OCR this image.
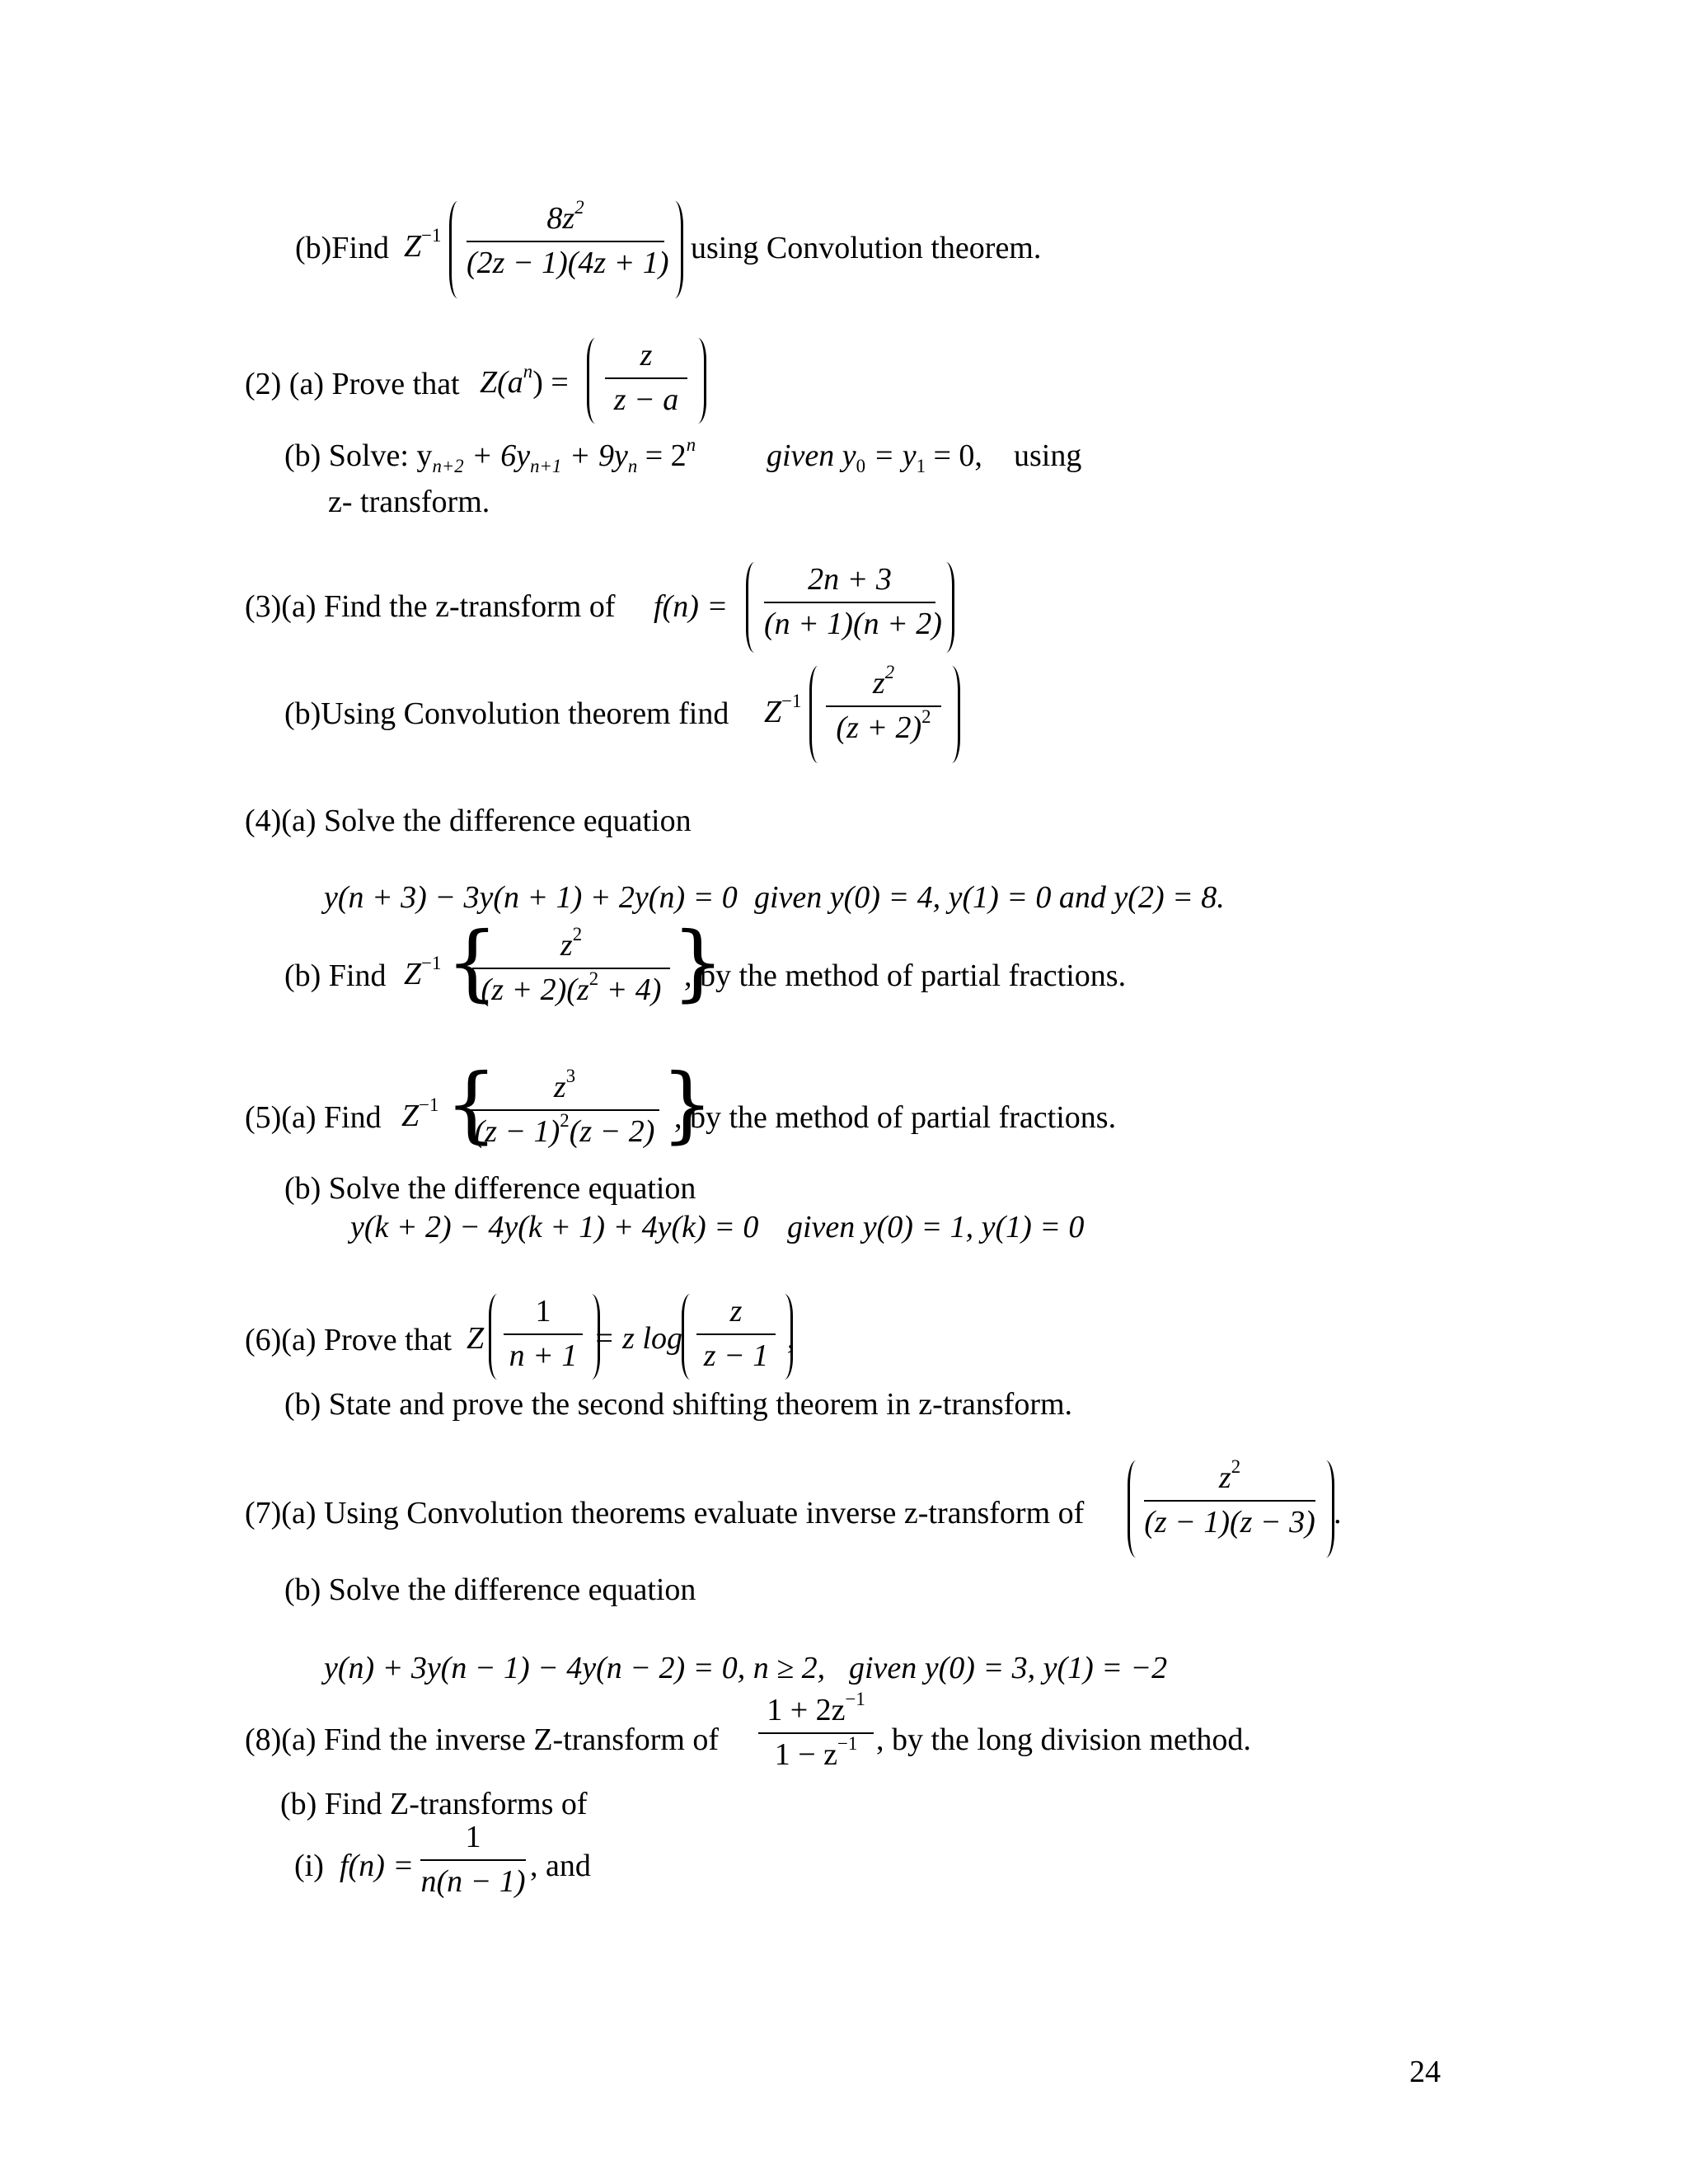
(b)Find $Z^{-1}$	$8z^2$
(2z − 1)(4z + 1) using Convolution theorem.
(2) (a) Prove that $Z(a^n)$ =
z
z − a
(b) Solve: $y_{n+2} + 6y_{n+1} + 9y_n = 2^n$ given $y_0 = y_1 = 0$, using
z- transform.
(3)(a) Find the z-transform of f(n) =
2n + 3
(n + 1)(n + 2)
(b)Using Convolution theorem find $Z^{-1}$
$z^2$
$(z + 2)^2$
(4)(a) Solve the difference equation
y(n + 3) − 3y(n + 1) + 2y(n) = 0 given y(0) = 4, y(1) = 0 and y(2) = 8.
(b) Find $Z^{-1}$ {	$z^2$
$(z + 2)(z^2 + 4)$ }
, by the method of partial fractions.
(5)(a) Find $Z^{-1}$ {	$z^3$
$(z - 1)^2(z - 2)$ }
, by the method of partial fractions.
(b) Solve the difference equation
y(k + 2) − 4y(k + 1) + 4y(k) = 0 given y(0) = 1, y(1) = 0
(6)(a) Prove that Z
1
n + 1 = z log
z
z − 1 ,
(b) State and prove the second shifting theorem in z-transform.
(7)(a) Using Convolution theorems evaluate inverse z-transform of
$z^2$
(z − 1)(z − 3) .
(b) Solve the difference equation
y(n) + 3y(n − 1) − 4y(n − 2) = 0, n ≥ 2, given y(0) = 3, y(1) = −2
(8)(a) Find the inverse Z-transform of
$1 + 2z^{-1}$
$1 - z^{-1}$ , by the long division method.
(b) Find Z-transforms of
(i) f(n) =
1
n(n − 1) , and
24
